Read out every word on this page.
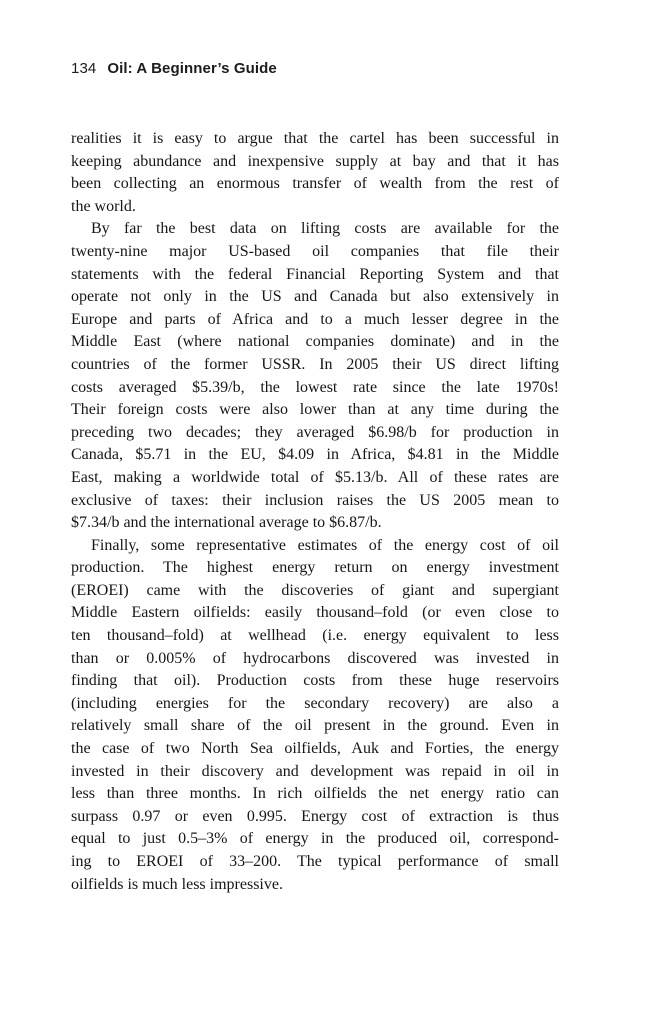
134 Oil: A Beginner’s Guide
realities it is easy to argue that the cartel has been successful in
keeping abundance and inexpensive supply at bay and that it has
been collecting an enormous transfer of wealth from the rest of
the world.
By far the best data on lifting costs are available for the
twenty-nine major US-based oil companies that file their
statements with the federal Financial Reporting System and that
operate not only in the US and Canada but also extensively in
Europe and parts of Africa and to a much lesser degree in the
Middle East (where national companies dominate) and in the
countries of the former USSR. In 2005 their US direct lifting
costs averaged $5.39/b, the lowest rate since the late 1970s!
Their foreign costs were also lower than at any time during the
preceding two decades; they averaged $6.98/b for production in
Canada, $5.71 in the EU, $4.09 in Africa, $4.81 in the Middle
East, making a worldwide total of $5.13/b. All of these rates are
exclusive of taxes: their inclusion raises the US 2005 mean to
$7.34/b and the international average to $6.87/b.
Finally, some representative estimates of the energy cost of oil
production. The highest energy return on energy investment
(EROEI) came with the discoveries of giant and supergiant
Middle Eastern oilfields: easily thousand–fold (or even close to
ten thousand–fold) at wellhead (i.e. energy equivalent to less
than or 0.005% of hydrocarbons discovered was invested in
finding that oil). Production costs from these huge reservoirs
(including energies for the secondary recovery) are also a
relatively small share of the oil present in the ground. Even in
the case of two North Sea oilfields, Auk and Forties, the energy
invested in their discovery and development was repaid in oil in
less than three months. In rich oilfields the net energy ratio can
surpass 0.97 or even 0.995. Energy cost of extraction is thus
equal to just 0.5–3% of energy in the produced oil, correspond-
ing to EROEI of 33–200. The typical performance of small
oilfields is much less impressive.
